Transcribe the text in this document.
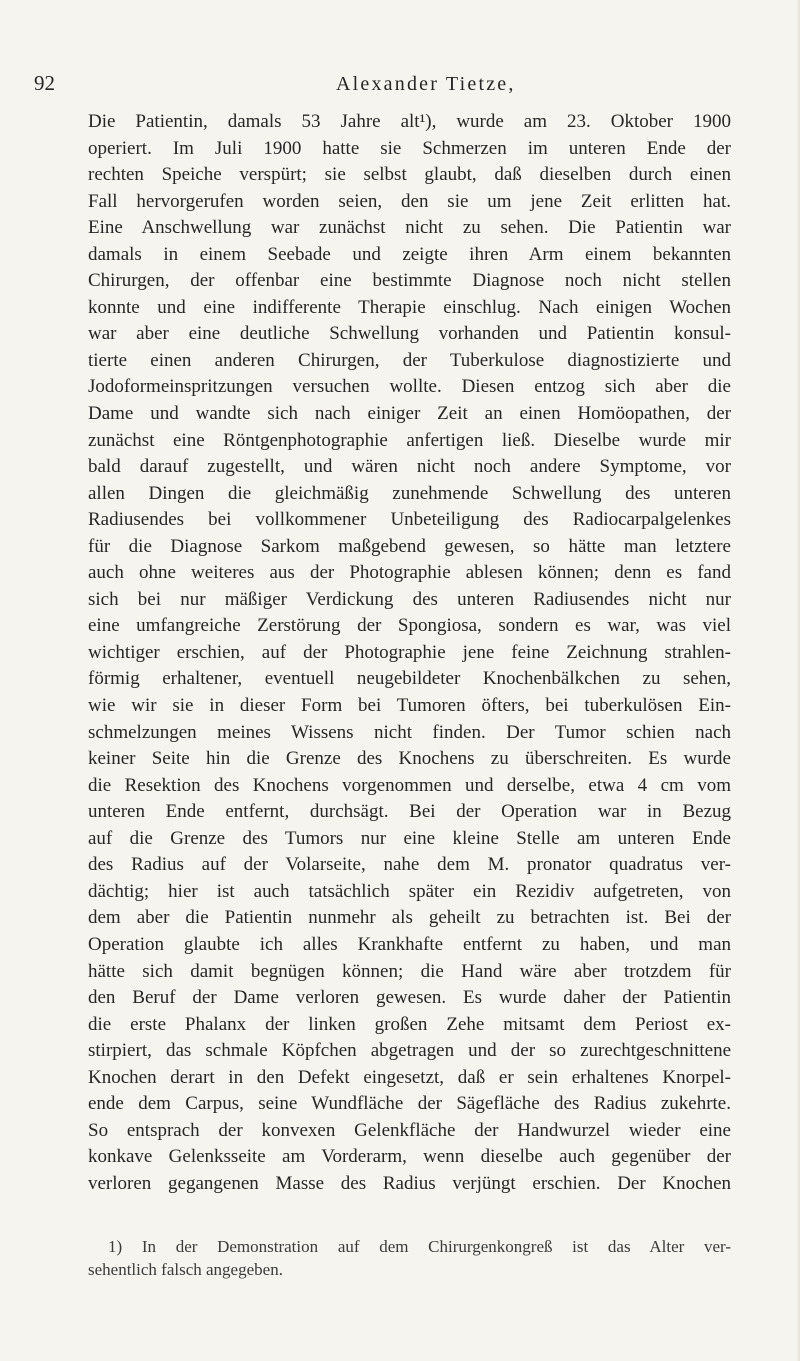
92	Alexander Tietze,
Die Patientin, damals 53 Jahre alt¹), wurde am 23. Oktober 1900
operiert. Im Juli 1900 hatte sie Schmerzen im unteren Ende der
rechten Speiche verspürt; sie selbst glaubt, daß dieselben durch einen
Fall hervorgerufen worden seien, den sie um jene Zeit erlitten hat.
Eine Anschwellung war zunächst nicht zu sehen. Die Patientin war
damals in einem Seebade und zeigte ihren Arm einem bekannten
Chirurgen, der offenbar eine bestimmte Diagnose noch nicht stellen
konnte und eine indifferente Therapie einschlug. Nach einigen Wochen
war aber eine deutliche Schwellung vorhanden und Patientin konsul-
tierte einen anderen Chirurgen, der Tuberkulose diagnostizierte und
Jodoformeinspritzungen versuchen wollte. Diesen entzog sich aber die
Dame und wandte sich nach einiger Zeit an einen Homöopathen, der
zunächst eine Röntgenphotographie anfertigen ließ. Dieselbe wurde mir
bald darauf zugestellt, und wären nicht noch andere Symptome, vor
allen Dingen die gleichmäßig zunehmende Schwellung des unteren
Radiusendes bei vollkommener Unbeteiligung des Radiocarpalgelenkes
für die Diagnose Sarkom maßgebend gewesen, so hätte man letztere
auch ohne weiteres aus der Photographie ablesen können; denn es fand
sich bei nur mäßiger Verdickung des unteren Radiusendes nicht nur
eine umfangreiche Zerstörung der Spongiosa, sondern es war, was viel
wichtiger erschien, auf der Photographie jene feine Zeichnung strahlen-
förmig erhaltener, eventuell neugebildeter Knochenbälkchen zu sehen,
wie wir sie in dieser Form bei Tumoren öfters, bei tuberkulösen Ein-
schmelzungen meines Wissens nicht finden. Der Tumor schien nach
keiner Seite hin die Grenze des Knochens zu überschreiten. Es wurde
die Resektion des Knochens vorgenommen und derselbe, etwa 4 cm vom
unteren Ende entfernt, durchsägt. Bei der Operation war in Bezug
auf die Grenze des Tumors nur eine kleine Stelle am unteren Ende
des Radius auf der Volarseite, nahe dem M. pronator quadratus ver-
dächtig; hier ist auch tatsächlich später ein Rezidiv aufgetreten, von
dem aber die Patientin nunmehr als geheilt zu betrachten ist. Bei der
Operation glaubte ich alles Krankhafte entfernt zu haben, und man
hätte sich damit begnügen können; die Hand wäre aber trotzdem für
den Beruf der Dame verloren gewesen. Es wurde daher der Patientin
die erste Phalanx der linken großen Zehe mitsamt dem Periost ex-
stirpiert, das schmale Köpfchen abgetragen und der so zurechtgeschnittene
Knochen derart in den Defekt eingesetzt, daß er sein erhaltenes Knorpel-
ende dem Carpus, seine Wundfläche der Sägefläche des Radius zukehrte.
So entsprach der konvexen Gelenkfläche der Handwurzel wieder eine
konkave Gelenksseite am Vorderarm, wenn dieselbe auch gegenüber der
verloren gegangenen Masse des Radius verjüngt erschien. Der Knochen
1) In der Demonstration auf dem Chirurgenkongreß ist das Alter ver-
sehentlich falsch angegeben.
